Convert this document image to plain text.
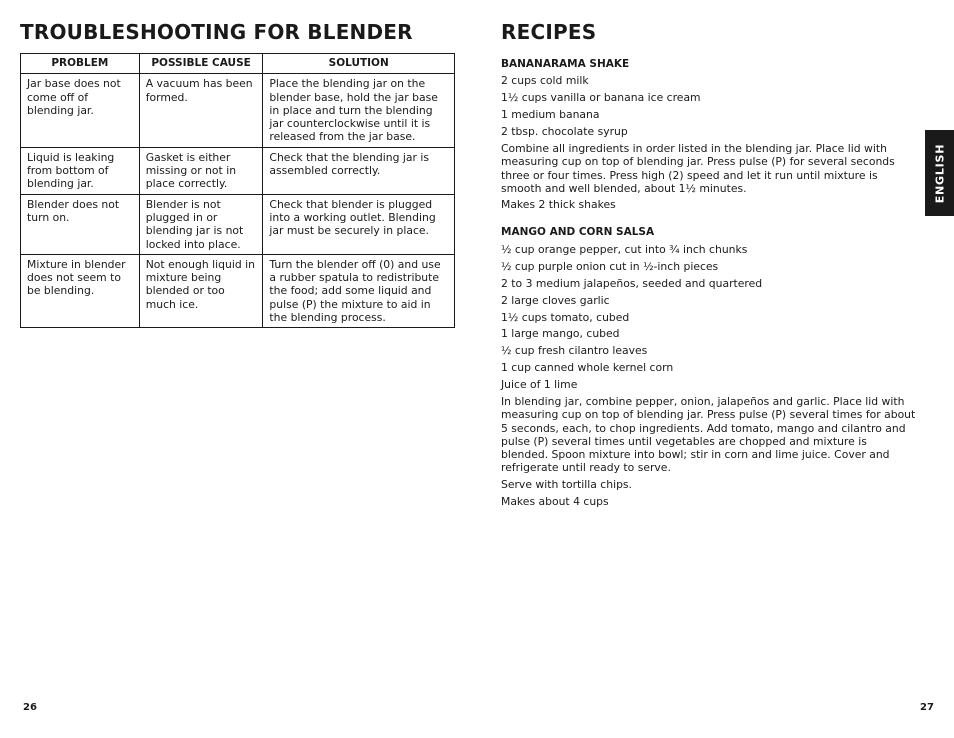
TROUBLESHOOTING FOR BLENDER
PROBLEM	POSSIBLE CAUSE	SOLUTION
Jar base does not come off of blending jar.	A vacuum has been formed.	Place the blending jar on the blender base, hold the jar base in place and turn the blending jar counterclockwise until it is released from the jar base.
Liquid is leaking from bottom of blending jar.	Gasket is either missing or not in place correctly.	Check that the blending jar is assembled correctly.
Blender does not turn on.	Blender is not plugged in or blending jar is not locked into place.	Check that blender is plugged into a working outlet. Blending jar must be securely in place.
Mixture in blender does not seem to be blending.	Not enough liquid in mixture being blended or too much ice.	Turn the blender off (0) and use a rubber spatula to redistribute the food; add some liquid and pulse (P) the mixture to aid in the blending process.
RECIPES
BANANARAMA SHAKE
2 cups cold milk
1½ cups vanilla or banana ice cream
1 medium banana
2 tbsp. chocolate syrup
Combine all ingredients in order listed in the blending jar. Place lid with measuring cup on top of blending jar. Press pulse (P) for several seconds three or four times. Press high (2) speed and let it run until mixture is smooth and well blended, about 1½ minutes.
Makes 2 thick shakes
MANGO AND CORN SALSA
½ cup orange pepper, cut into ¾ inch chunks
½ cup purple onion cut in ½-inch pieces
2 to 3 medium jalapeños, seeded and quartered
2 large cloves garlic
1½ cups tomato, cubed
1 large mango, cubed
½ cup fresh cilantro leaves
1 cup canned whole kernel corn
Juice of 1 lime
In blending jar, combine pepper, onion, jalapeños and garlic. Place lid with measuring cup on top of blending jar. Press pulse (P) several times for about 5 seconds, each, to chop ingredients. Add tomato, mango and cilantro and pulse (P) several times until vegetables are chopped and mixture is blended. Spoon mixture into bowl; stir in corn and lime juice. Cover and refrigerate until ready to serve.
Serve with tortilla chips.
Makes about 4 cups
ENGLISH
26	27
